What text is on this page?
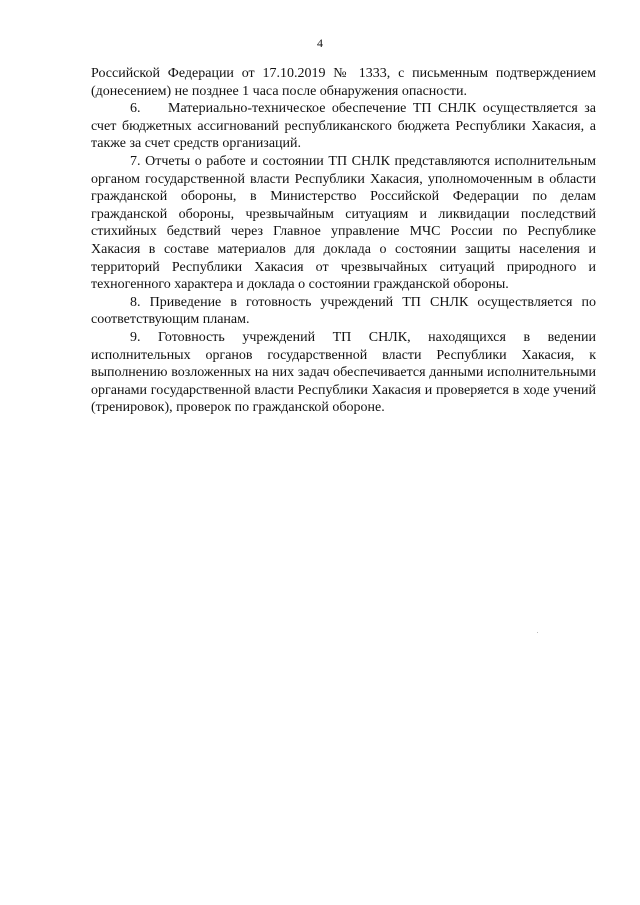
4

Российской Федерации от 17.10.2019 № 1333, с письменным подтверждением (донесением) не позднее 1 часа после обнаружения опасности.

6. Материально-техническое обеспечение ТП СНЛК осуществляется за счет бюджетных ассигнований республиканского бюджета Республики Хакасия, а также за счет средств организаций.

7. Отчеты о работе и состоянии ТП СНЛК представляются исполнительным органом государственной власти Республики Хакасия, уполномоченным в области гражданской обороны, в Министерство Российской Федерации по делам гражданской обороны, чрезвычайным ситуациям и ликвидации последствий стихийных бедствий через Главное управление МЧС России по Республике Хакасия в составе материалов для доклада о состоянии защиты населения и территорий Республики Хакасия от чрезвычайных ситуаций природного и техногенного характера и доклада о состоянии гражданской обороны.

8. Приведение в готовность учреждений ТП СНЛК осуществляется по соответствующим планам.

9. Готовность учреждений ТП СНЛК, находящихся в ведении исполнительных органов государственной власти Республики Хакасия, к выполнению возложенных на них задач обеспечивается данными исполнительными органами государственной власти Республики Хакасия и проверяется в ходе учений (тренировок), проверок по гражданской обороне.
